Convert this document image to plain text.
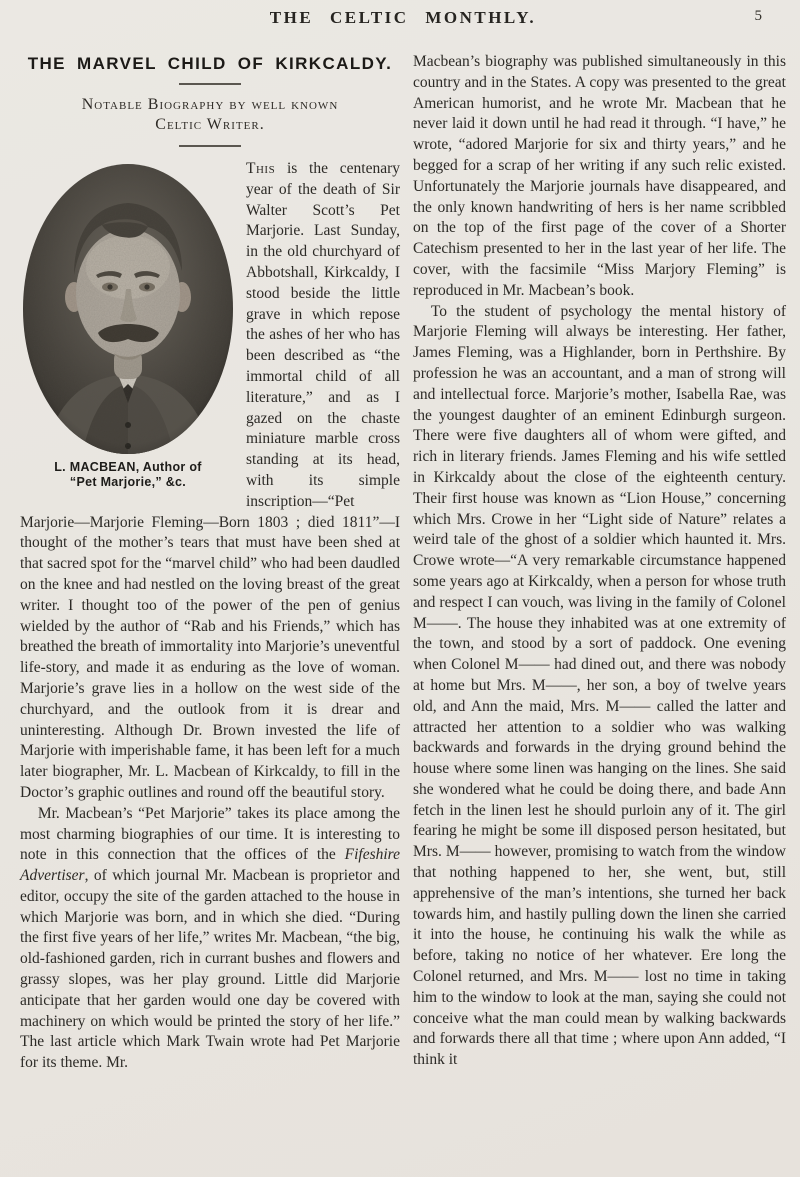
THE CELTIC MONTHLY.	5
THE MARVEL CHILD OF KIRKCALDY.
Notable Biography by well known
Celtic Writer.
L. MACBEAN, Author of
“Pet Marjorie,” &c.

This is the centenary year of the death of Sir Walter Scott’s Pet Marjorie. Last Sunday, in the old churchyard of Abbotshall, Kirkcaldy, I stood beside the little grave in which repose the ashes of her who has been described as “the immortal child of all literature,” and as I gazed on the chaste miniature marble cross standing at its head, with its simple inscription—“Pet Marjorie—Marjorie Fleming—Born 1803 ; died 1811”—I thought of the mother’s tears that must have been shed at that sacred spot for the “marvel child” who had been daudled on the knee and had nestled on the loving breast of the great writer. I thought too of the power of the pen of genius wielded by the author of “Rab and his Friends,” which has breathed the breath of immortality into Marjorie’s uneventful life-story, and made it as enduring as the love of woman. Marjorie’s grave lies in a hollow on the west side of the churchyard, and the outlook from it is drear and uninteresting. Although Dr. Brown invested the life of Marjorie with imperishable fame, it has been left for a much later biographer, Mr. L. Macbean of Kirkcaldy, to fill in the Doctor’s graphic outlines and round off the beautiful story.

Mr. Macbean’s “Pet Marjorie” takes its place among the most charming biographies of our time. It is interesting to note in this connection that the offices of the Fifeshire Advertiser, of which journal Mr. Macbean is proprietor and editor, occupy the site of the garden attached to the house in which Marjorie was born, and in which she died. “During the first five years of her life,” writes Mr. Macbean, “the big, old-fashioned garden, rich in currant bushes and flowers and grassy slopes, was her play ground. Little did Marjorie anticipate that her garden would one day be covered with machinery on which would be printed the story of her life.” The last article which Mark Twain wrote had Pet Marjorie for its theme. Mr.

Macbean’s biography was published simultaneously in this country and in the States. A copy was presented to the great American humorist, and he wrote Mr. Macbean that he never laid it down until he had read it through. “I have,” he wrote, “adored Marjorie for six and thirty years,” and he begged for a scrap of her writing if any such relic existed. Unfortunately the Marjorie journals have disappeared, and the only known handwriting of hers is her name scribbled on the top of the first page of the cover of a Shorter Catechism presented to her in the last year of her life. The cover, with the facsimile “Miss Marjory Fleming” is reproduced in Mr. Macbean’s book.

To the student of psychology the mental history of Marjorie Fleming will always be interesting. Her father, James Fleming, was a Highlander, born in Perthshire. By profession he was an accountant, and a man of strong will and intellectual force. Marjorie’s mother, Isabella Rae, was the youngest daughter of an eminent Edinburgh surgeon. There were five daughters all of whom were gifted, and rich in literary friends. James Fleming and his wife settled in Kirkcaldy about the close of the eighteenth century. Their first house was known as “Lion House,” concerning which Mrs. Crowe in her “Light side of Nature” relates a weird tale of the ghost of a soldier which haunted it. Mrs. Crowe wrote—“A very remarkable circumstance happened some years ago at Kirkcaldy, when a person for whose truth and respect I can vouch, was living in the family of Colonel M——. The house they inhabited was at one extremity of the town, and stood by a sort of paddock. One evening when Colonel M—— had dined out, and there was nobody at home but Mrs. M——, her son, a boy of twelve years old, and Ann the maid, Mrs. M—— called the latter and attracted her attention to a soldier who was walking backwards and forwards in the drying ground behind the house where some linen was hanging on the lines. She said she wondered what he could be doing there, and bade Ann fetch in the linen lest he should purloin any of it. The girl fearing he might be some ill disposed person hesitated, but Mrs. M—— however, promising to watch from the window that nothing happened to her, she went, but, still apprehensive of the man’s intentions, she turned her back towards him, and hastily pulling down the linen she carried it into the house, he continuing his walk the while as before, taking no notice of her whatever. Ere long the Colonel returned, and Mrs. M—— lost no time in taking him to the window to look at the man, saying she could not conceive what the man could mean by walking backwards and forwards there all that time ; where upon Ann added, “I think it
